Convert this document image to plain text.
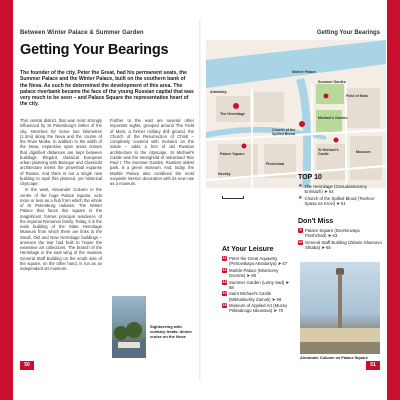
Between Winter Palace & Summer Garden
Getting Your Bearings
The founder of the city, Peter the Great, had his permanent seats, the Summer Palace and the Winter Palace, built on the southern bank of the Neva. As such he determined the development of this area. The palace riverbank became the face of the young Russian capital that was very much to be seen – and Palace Square the representative heart of the city.

This central district, that was most strongly influenced by St Petersburg's father of the city, stretches for some two kilometres (1.2mi) along the Neva and the course of the River Moika. In addition to the width of the Neva, expansive open areas ensure that dignified distances are kept between buildings. Elegant, classical European urban planning with Baroque and Classicist architecture meets the proverbial expanse of Russia. And there is not a single new building to spoil this planned, yet historical cityscape.

In the west, Alexander Column in the centre of the huge Palace Square, acts more or less as a hub from which the whole of St Petersburg radiates. The Winter Palace that faces this square is the magnificent former principal residence of the imperial Romanov family. Today, it is the main building of the State Hermitage Museum from which there are links to the Small, Old and New Hermitage buildings – annexes the tsar had built to house the extensive art collections. The branch of the Hermitage in the east wing of the massive General Staff Building on the south side of the square, on the other hand, is run as an independent art museum.

Further to the east are several other important sights, grouped around The Field of Mars, a former military drill ground, the Church of the Resurrection of Christ – completely covered with mosaics on the inside – adds a hint of old Russian architecture to the cityscape. St Michael's Castle was the stronghold of ostracised Tsar Paul I. The Summer Garden, Russia's oldest park, is a green museum. And, today, the Marble Palace also combines the most exquisite interior decoration with its new use as a museum.

Sightseeing with culinary treats: dinner cruise on the Neva
50
Getting Your Bearings
Marble Palace
Summer Garden
The Hermitage
Church of the Spilled Blood
Palace Square
Michael's Garden
Field of Mars
St Michael's Castle
Admiralty
Ploshchad
Nevsky
Museum
TOP 10
★ The Hermitage (Gosudarstvenny Ermitazh) ➤ 54
★ Church of the Spilled Blood (Tserkov' Spasa na Krovi) ➤ 61
Don't Miss
9 Palace Square (Dvortsovaya Ploshchad) ➤ 63
10 General Staff Building (Zdanie Glavnovo Shtaba) ➤ 65
At Your Leisure
11 Peter the Great Aquavitry (Petrovskaya Akvatoriya) ➤ 67
12 Marble Palace (Mramorny Dvorets) ➤ 68
13 Summer Garden (Letny Sad) ➤ 68
14 Saint Michael's Castle (Mikhailovsky Zamok) ➤ 69
15 Museum of Applied Art (Muzey Prikladnogo Iskusstva) ➤ 70
Alexander Column on Palace Square
51
